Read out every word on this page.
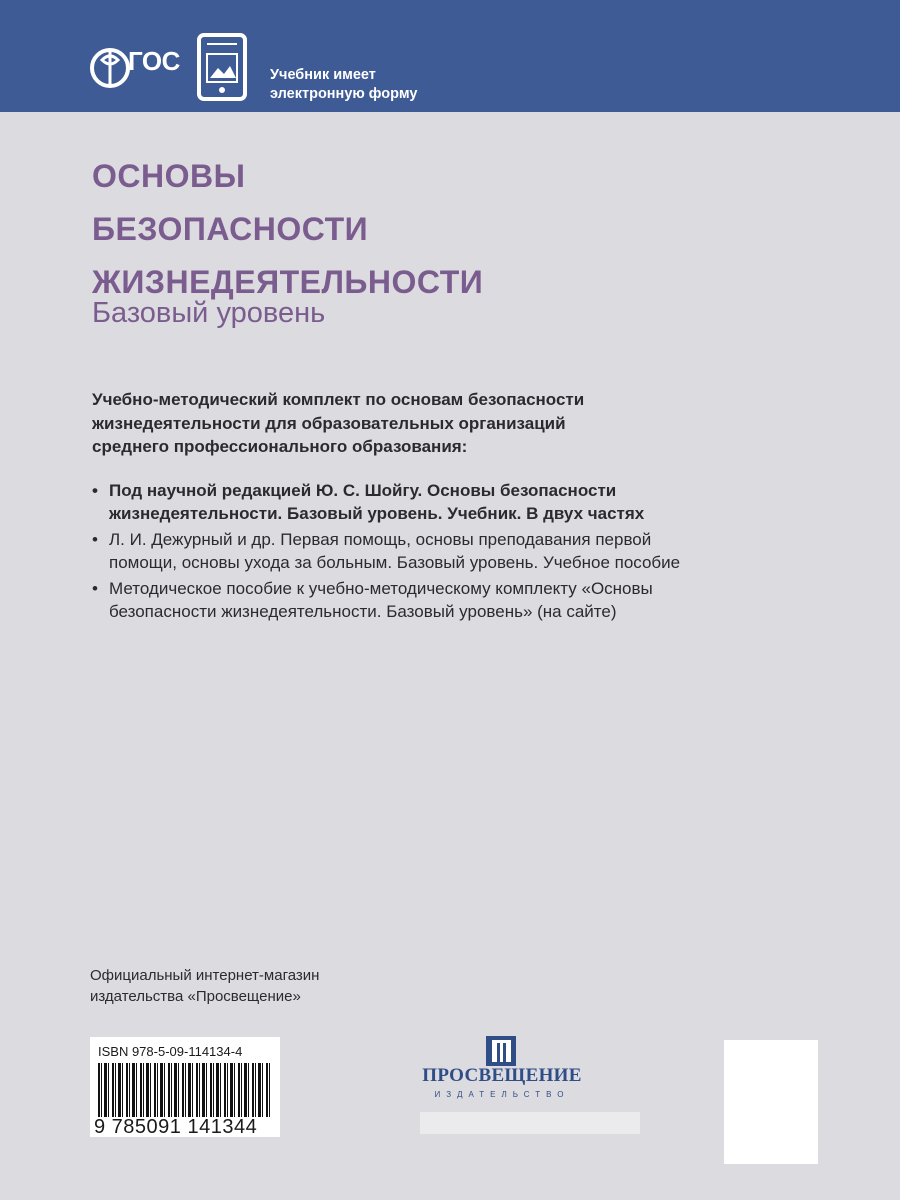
ГОС	Учебник имеет
электронную форму
ОСНОВЫ
БЕЗОПАСНОСТИ
ЖИЗНЕДЕЯТЕЛЬНОСТИ
Базовый уровень
Учебно-методический комплект по основам безопасности
жизнедеятельности для образовательных организаций
среднего профессионального образования:
• Под научной редакцией Ю. С. Шойгу. Основы безопасности
жизнедеятельности. Базовый уровень. Учебник. В двух частях
• Л. И. Дежурный и др. Первая помощь, основы преподавания первой
помощи, основы ухода за больным. Базовый уровень. Учебное пособие
• Методическое пособие к учебно-методическому комплекту «Основы
безопасности жизнедеятельности. Базовый уровень» (на сайте)
Официальный интернет-магазин
издательства «Просвещение»
ISBN 978-5-09-114134-4
9 785091 141344
ПРОСВЕЩЕНИЕ
ИЗДАТЕЛЬСТВО
